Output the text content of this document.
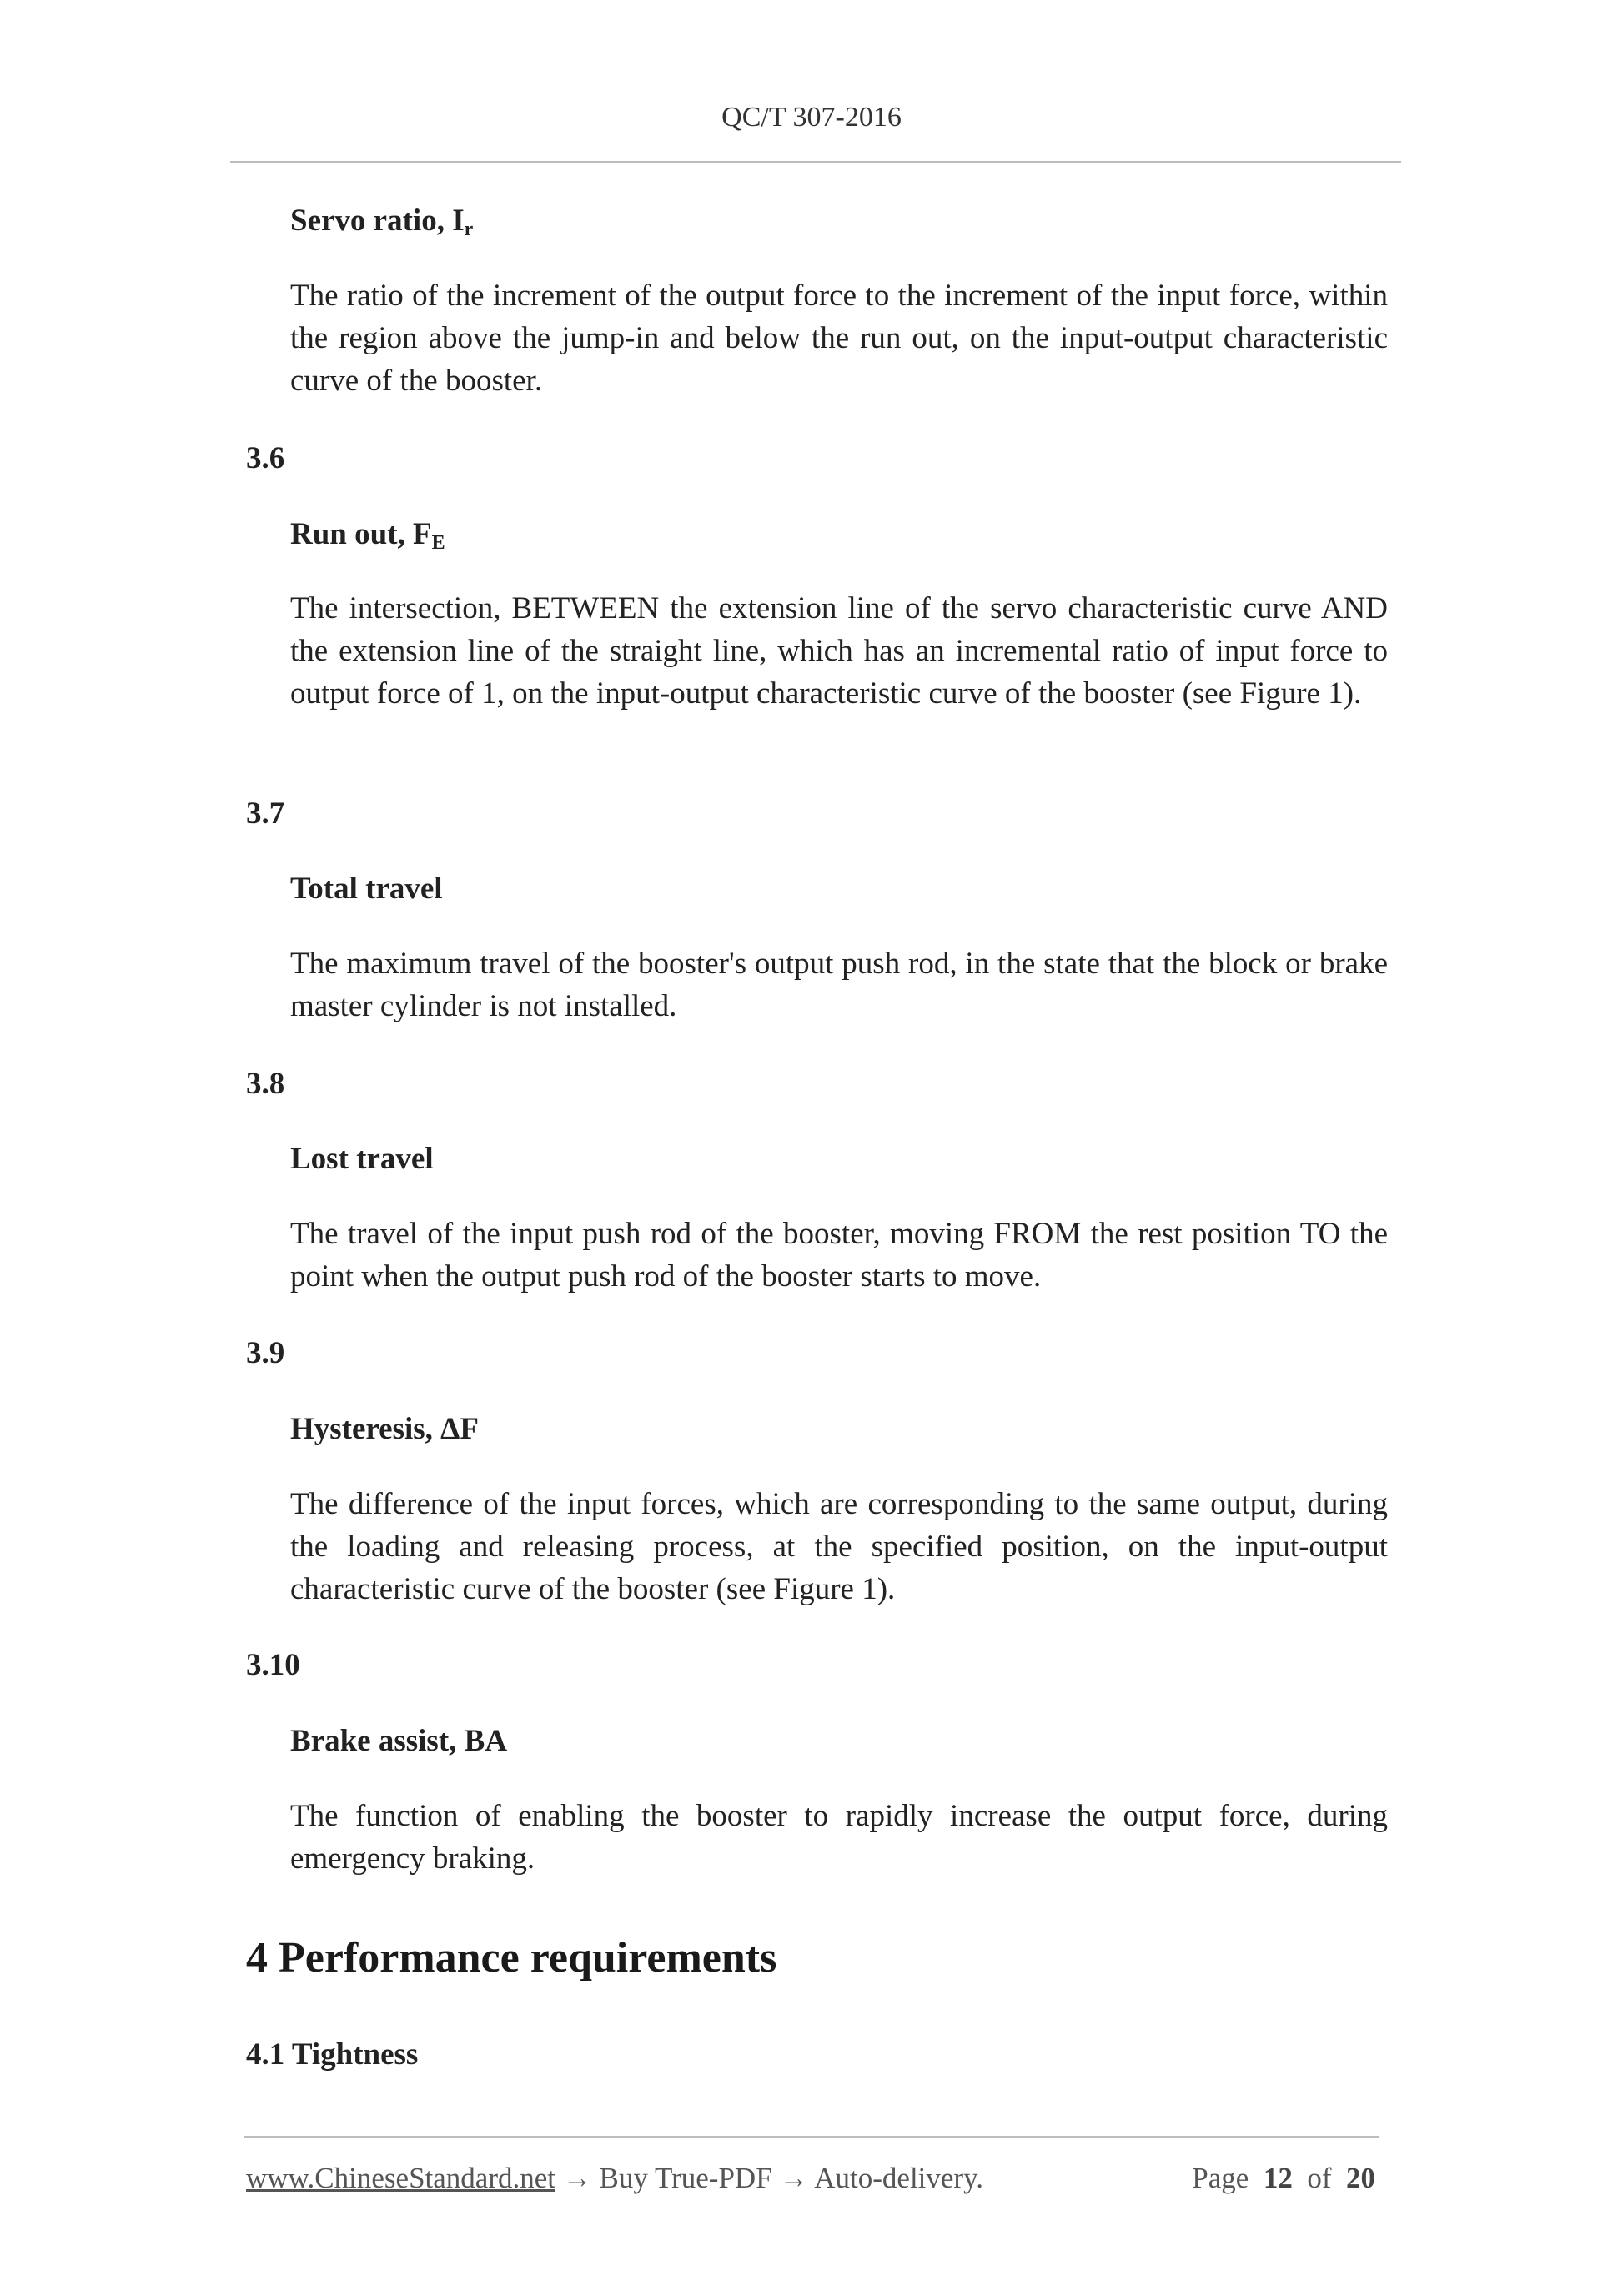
QC/T 307-2016
Servo ratio, $I_r$
The ratio of the increment of the output force to the increment of the input force, within the region above the jump-in and below the run out, on the input-output characteristic curve of the booster.
3.6
Run out, $F_E$
The intersection, BETWEEN the extension line of the servo characteristic curve AND the extension line of the straight line, which has an incremental ratio of input force to output force of 1, on the input-output characteristic curve of the booster (see Figure 1).
3.7
Total travel
The maximum travel of the booster's output push rod, in the state that the block or brake master cylinder is not installed.
3.8
Lost travel
The travel of the input push rod of the booster, moving FROM the rest position TO the point when the output push rod of the booster starts to move.
3.9
Hysteresis, ΔF
The difference of the input forces, which are corresponding to the same output, during the loading and releasing process, at the specified position, on the input-output characteristic curve of the booster (see Figure 1).
3.10
Brake assist, BA
The function of enabling the booster to rapidly increase the output force, during emergency braking.
4 Performance requirements
4.1 Tightness
www.ChineseStandard.net → Buy True-PDF → Auto-delivery.	Page 12 of 20
